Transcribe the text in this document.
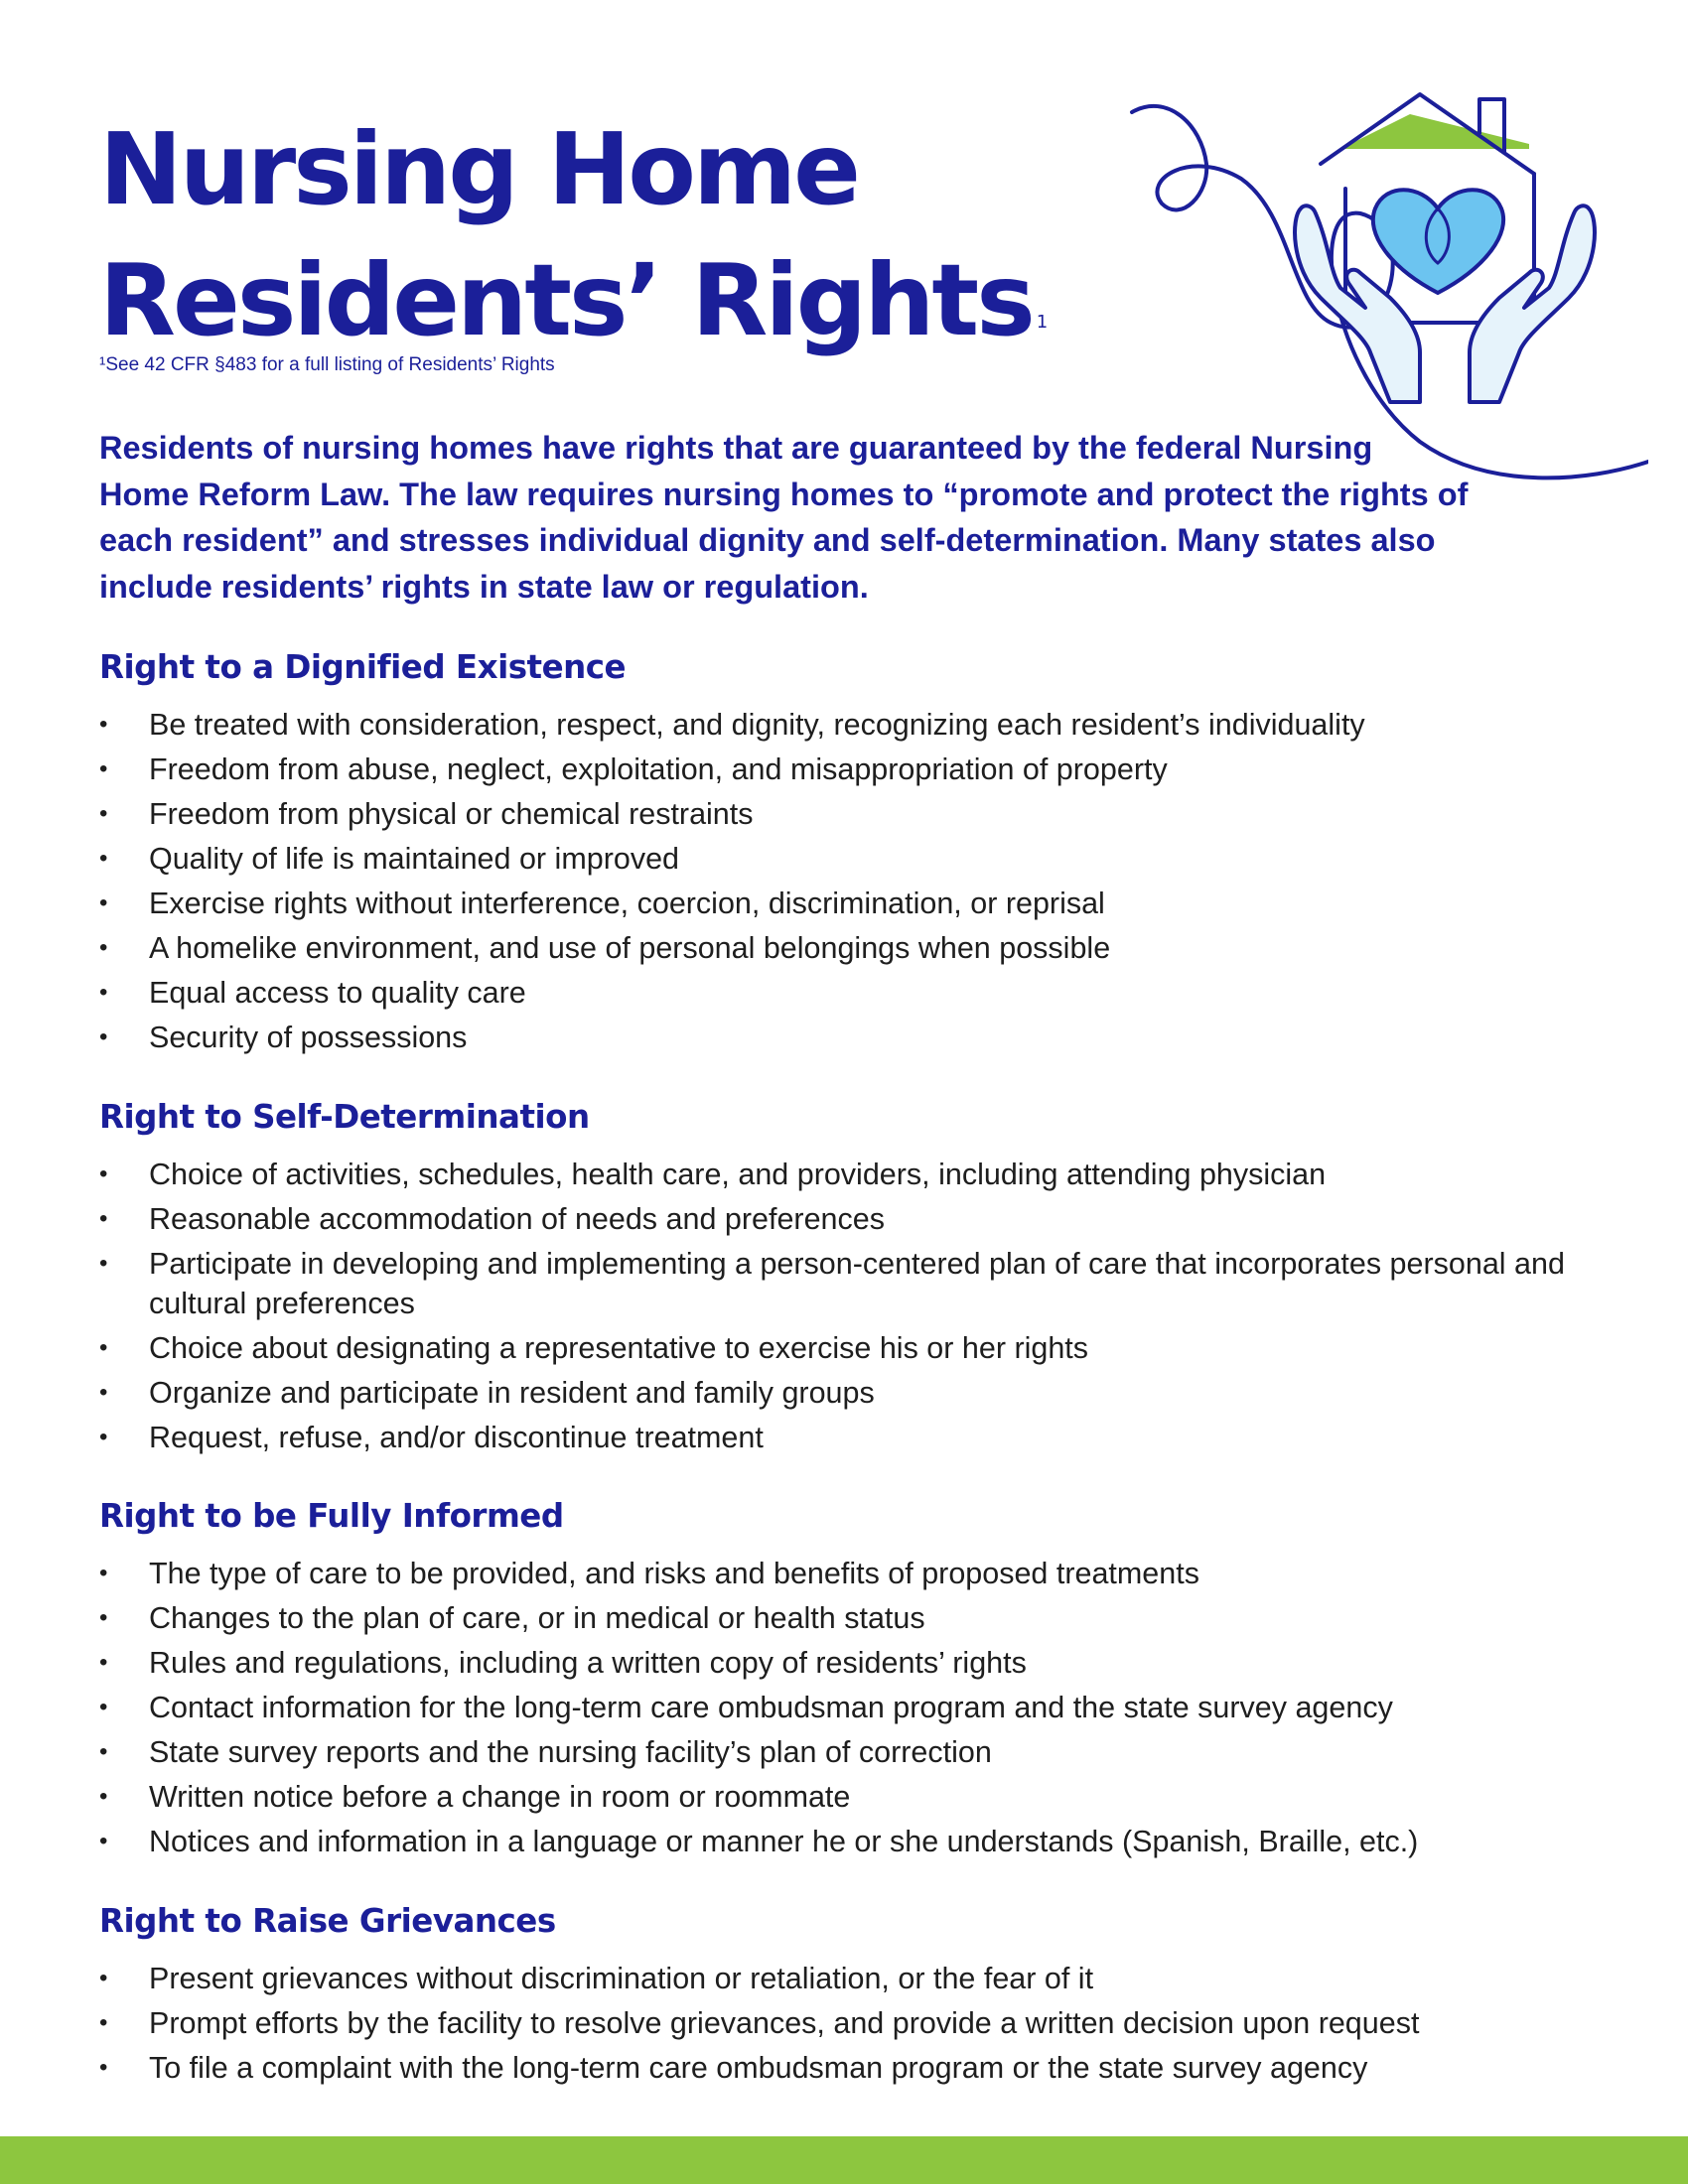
Nursing Home
Residents’ Rights $^1$
¹See 42 CFR §483 for a full listing of Residents’ Rights

Residents of nursing homes have rights that are guaranteed by the federal Nursing Home Reform Law. The law requires nursing homes to “promote and protect the rights of each resident” and stresses individual dignity and self-determination. Many states also include residents’ rights in state law or regulation.

Right to a Dignified Existence
• Be treated with consideration, respect, and dignity, recognizing each resident’s individuality
• Freedom from abuse, neglect, exploitation, and misappropriation of property
• Freedom from physical or chemical restraints
• Quality of life is maintained or improved
• Exercise rights without interference, coercion, discrimination, or reprisal
• A homelike environment, and use of personal belongings when possible
• Equal access to quality care
• Security of possessions
Right to Self-Determination
• Choice of activities, schedules, health care, and providers, including attending physician
• Reasonable accommodation of needs and preferences
• Participate in developing and implementing a person-centered plan of care that incorporates personal and cultural preferences
• Choice about designating a representative to exercise his or her rights
• Organize and participate in resident and family groups
• Request, refuse, and/or discontinue treatment
Right to be Fully Informed
• The type of care to be provided, and risks and benefits of proposed treatments
• Changes to the plan of care, or in medical or health status
• Rules and regulations, including a written copy of residents’ rights
• Contact information for the long-term care ombudsman program and the state survey agency
• State survey reports and the nursing facility’s plan of correction
• Written notice before a change in room or roommate
• Notices and information in a language or manner he or she understands (Spanish, Braille, etc.)
Right to Raise Grievances
• Present grievances without discrimination or retaliation, or the fear of it
• Prompt efforts by the facility to resolve grievances, and provide a written decision upon request
• To file a complaint with the long-term care ombudsman program or the state survey agency
